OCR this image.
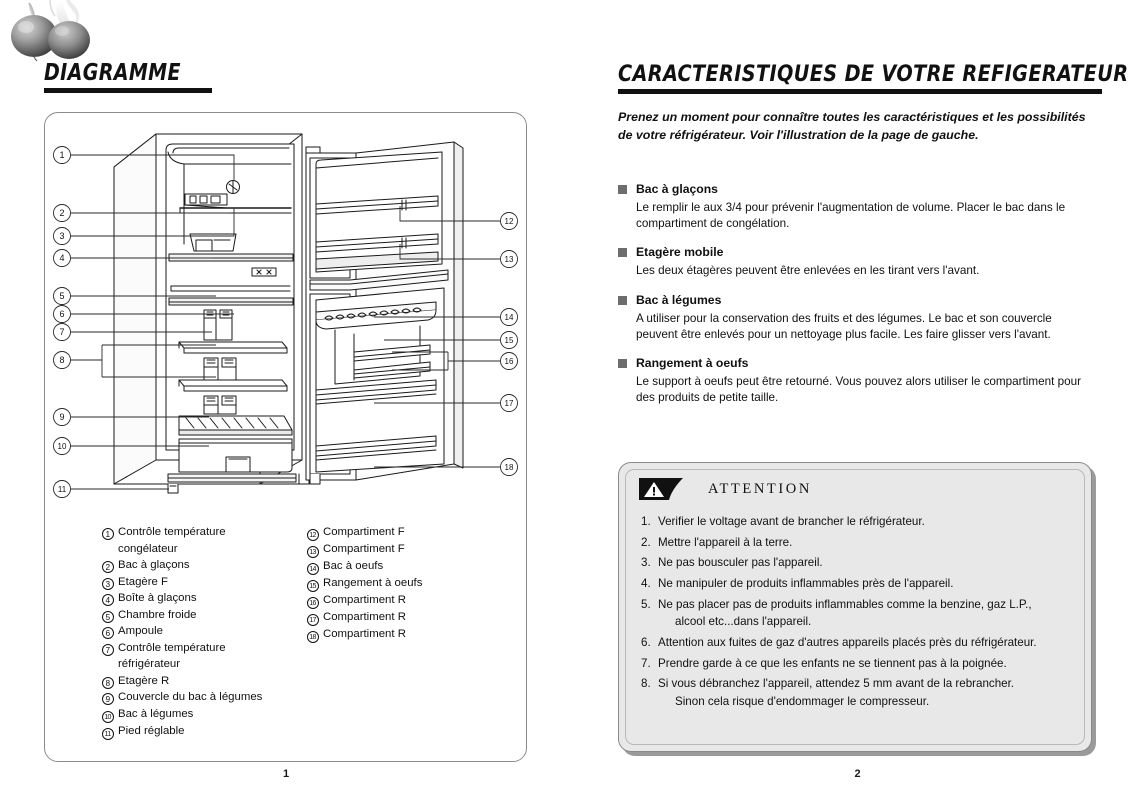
DIAGRAMME
1
2
3
4
5
6
7
8
9
10
11
12
13
14
15
16
17
18
1 Contrôle température
congélateur
2 Bac à glaçons
3 Etagère F
4 Boîte à glaçons
5 Chambre froide
6 Ampoule
7 Contrôle température
réfrigérateur
8 Etagère R
9 Couvercle du bac à légumes
10 Bac à légumes
11 Pied réglable
12 Compartiment F
13 Compartiment F
14 Bac à oeufs
15 Rangement à oeufs
16 Compartiment R
17 Compartiment R
18 Compartiment R
1
CARACTERISTIQUES DE VOTRE REFIGERATEUR
Prenez un moment pour connaître toutes les caractéristiques et les possibilités de votre réfrigérateur. Voir l'illustration de la page de gauche.
Bac à glaçons
Le remplir le aux 3/4 pour prévenir l'augmentation de volume. Placer le bac dans le compartiment de congélation.
Etagère mobile
Les deux étagères peuvent être enlevées en les tirant vers l'avant.
Bac à légumes
A utiliser pour la conservation des fruits et des légumes. Le bac et son couvercle peuvent être enlevés pour un nettoyage plus facile. Les faire glisser vers l'avant.
Rangement à oeufs
Le support à oeufs peut être retourné. Vous pouvez alors utiliser le compartiment pour des produits de petite taille.
ATTENTION
1. Verifier le voltage avant de brancher le réfrigérateur.
2. Mettre l'appareil à la terre.
3. Ne pas bousculer pas l'appareil.
4. Ne manipuler de produits inflammables près de l'appareil.
5. Ne pas placer pas de produits inflammables comme la benzine, gaz L.P.,
alcool etc...dans l'appareil.
6. Attention aux fuites de gaz d'autres appareils placés près du réfrigérateur.
7. Prendre garde à ce que les enfants ne se tiennent pas à la poignée.
8. Si vous débranchez l'appareil, attendez 5 mm avant de la rebrancher.
Sinon cela risque d'endommager le compresseur.
2
